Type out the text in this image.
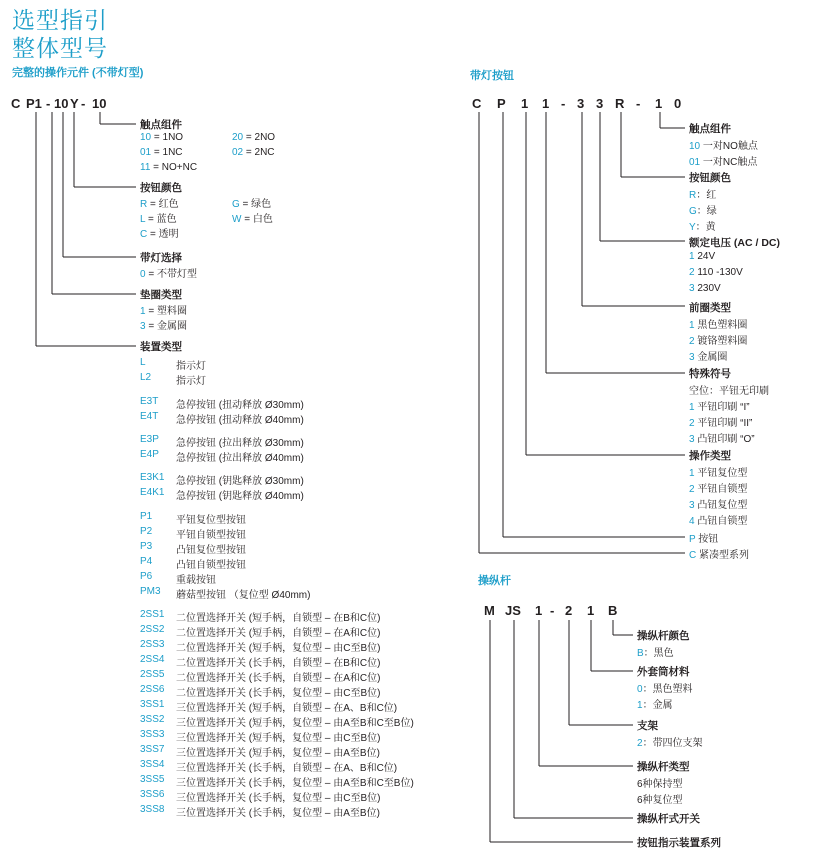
选型指引
整体型号
完整的操作元件 (不带灯型)	带灯按钮
操纵杆
C P1 - 10 Y - 10
触点组件
10 = 1NO	20 = 2NO
01 = 1NC	02 = 2NC
11 = NO+NC
按钮颜色
R = 红色	G = 绿色
L = 蓝色	W = 白色
C = 透明
带灯选择
0 = 不带灯型
垫圈类型
1 = 塑料圈
3 = 金属圈
装置类型
L	指示灯
L2 指示灯
E3T 急停按钮 (扭动释放 Ø30mm)
E4T 急停按钮 (扭动释放 Ø40mm)
E3P 急停按钮 (拉出释放 Ø30mm)
E4P 急停按钮 (拉出释放 Ø40mm)
E3K1 急停按钮 (钥匙释放 Ø30mm)
E4K1 急停按钮 (钥匙释放 Ø40mm)
P1 平钮复位型按钮
P2 平钮自锁型按钮
P3 凸钮复位型按钮
P4 凸钮自锁型按钮
P6 重载按钮
PM3 蘑菇型按钮 （复位型 Ø40mm)
2SS1 二位置选择开关 (短手柄，自锁型 – 在B和C位)
2SS2 二位置选择开关 (短手柄，自锁型 – 在A和C位)
2SS3 二位置选择开关 (短手柄，复位型 – 由C至B位)
2SS4 二位置选择开关 (长手柄，自锁型 – 在B和C位)
2SS5 二位置选择开关 (长手柄，自锁型 – 在A和C位)
2SS6 二位置选择开关 (长手柄，复位型 – 由C至B位)
3SS1 三位置选择开关 (短手柄，自锁型 – 在A、B和C位)
3SS2 三位置选择开关 (短手柄，复位型 – 由A至B和C至B位)
3SS3 三位置选择开关 (短手柄，复位型 – 由C至B位)
3SS7 三位置选择开关 (短手柄，复位型 – 由A至B位)
3SS4 三位置选择开关 (长手柄，自锁型 – 在A、B和C位)
3SS5 三位置选择开关 (长手柄，复位型 – 由A至B和C至B位)
3SS6 三位置选择开关 (长手柄，复位型 – 由C至B位)
3SS8 三位置选择开关 (长手柄，复位型 – 由A至B位)
C P 1 1 - 3 3 R - 1 0
触点组件
10 一对NO触点
01 一对NC触点
按钮颜色
R：红
G：绿
Y：黄
额定电压 (AC / DC)
1 24V
2 110 -130V
3 230V
前圈类型
1 黑色塑料圈
2 镀铬塑料圈
3 金属圈
特殊符号
空位：平钮无印刷
1 平钮印刷 “I”
2 平钮印刷 “II”
3 凸钮印刷 “O”
操作类型
1 平钮复位型
2 平钮自锁型
3 凸钮复位型
4 凸钮自锁型
P 按钮
C 紧凑型系列
M JS 1 - 2 1 B
操纵杆颜色
B：黑色
外套筒材料
0：黑色塑料
1：金属
支架
2：带四位支架
操纵杆类型
6种保持型
6种复位型
操纵杆式开关
按钮指示装置系列
